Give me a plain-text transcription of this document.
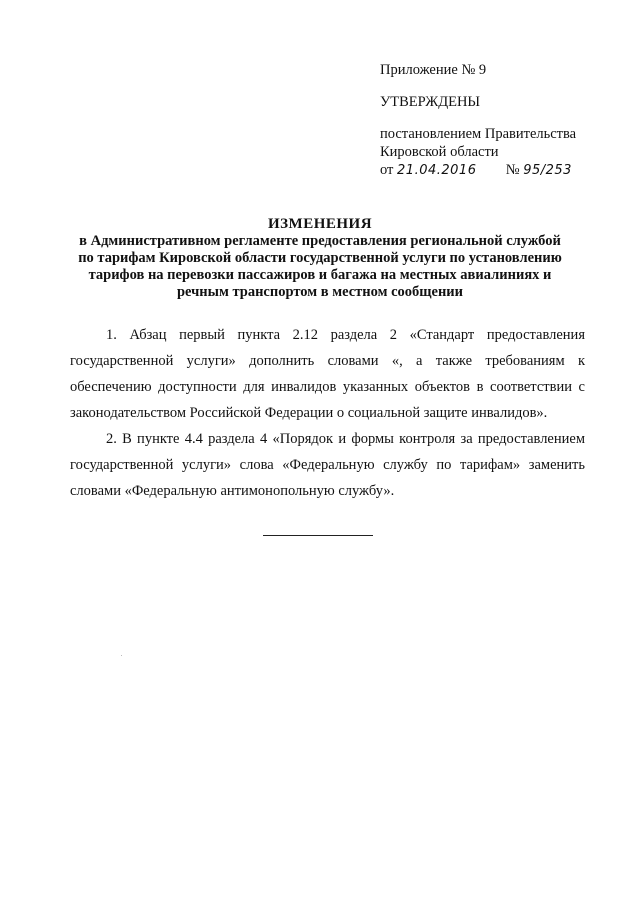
Приложение № 9
УТВЕРЖДЕНЫ
постановлением Правительства
Кировской области
от 21.04.2016 № 95/253
ИЗМЕНЕНИЯ
в Административном регламенте предоставления региональной службой
по тарифам Кировской области государственной услуги по установлению
тарифов на перевозки пассажиров и багажа на местных авиалиниях и
речным транспортом в местном сообщении
1. Абзац первый пункта 2.12 раздела 2 «Стандарт предоставления
государственной услуги» дополнить словами «, а также требованиям к
обеспечению доступности для инвалидов указанных объектов в соответствии с
законодательством Российской Федерации о социальной защите инвалидов».
2. В пункте 4.4 раздела 4 «Порядок и формы контроля за предоставлением
государственной услуги» слова «Федеральную службу по тарифам» заменить
словами «Федеральную антимонопольную службу».
